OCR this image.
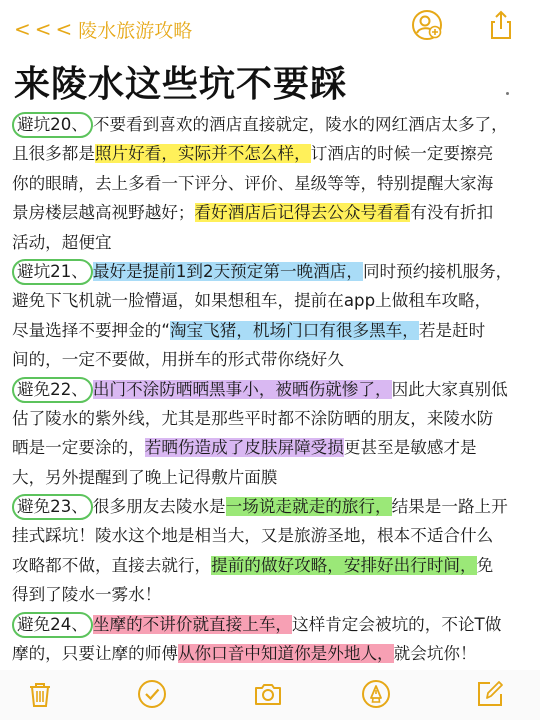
<<< 陵水旅游攻略
来陵水这些坑不要踩
避坑20、 不要看到喜欢的酒店直接就定，陵水的网红酒店太多了，
且很多都是照片好看，实际并不怎么样，订酒店的时候一定要擦亮
你的眼睛，去上多看一下评分、评价、星级等等，特别提醒大家海
景房楼层越高视野越好；看好酒店后记得去公众号看看有没有折扣
活动，超便宜
避坑21、 最好是提前1到2天预定第一晚酒店，同时预约接机服务，
避免下飞机就一脸懵逼，如果想租车，提前在app上做租车攻略，
尽量选择不要押金的“淘宝飞猪，机场门口有很多黑车，若是赶时
间的，一定不要做，用拼车的形式带你绕好久
避免22、 出门不涂防晒晒黑事小，被晒伤就惨了，因此大家真别低
估了陵水的紫外线，尤其是那些平时都不涂防晒的朋友，来陵水防
晒是一定要涂的，若晒伤造成了皮肤屏障受损更甚至是敏感才是
大，另外提醒到了晚上记得敷片面膜
避免23、 很多朋友去陵水是一场说走就走的旅行，结果是一路上开
挂式踩坑！陵水这个地是相当大，又是旅游圣地，根本不适合什么
攻略都不做，直接去就行，提前的做好攻略，安排好出行时间，免
得到了陵水一雾水！
避免24、 坐摩的不讲价就直接上车，这样肯定会被坑的，不论T做
摩的，只要让摩的师傅从你口音中知道你是外地人，就会坑你！
